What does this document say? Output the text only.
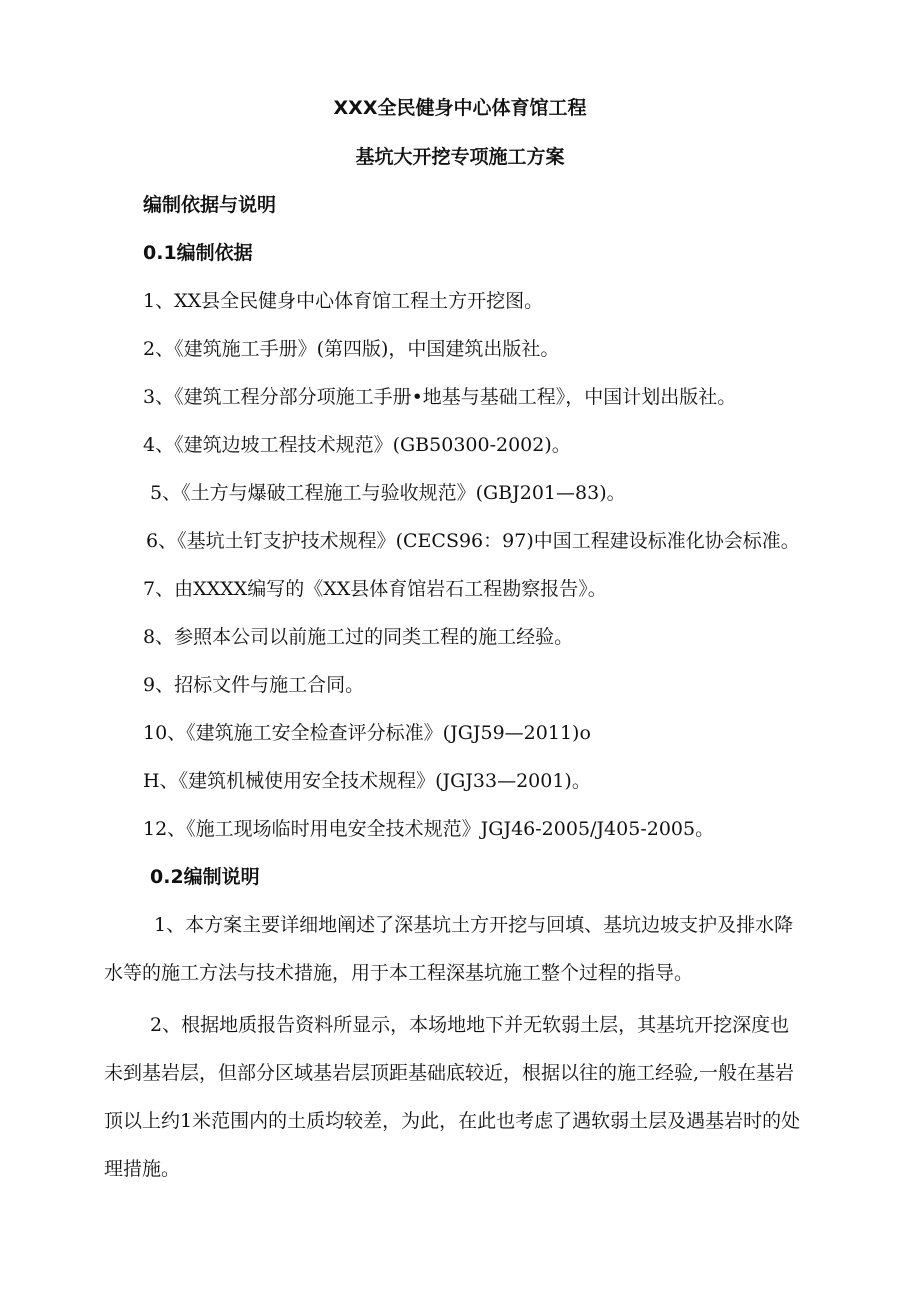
XXX全民健身中心体育馆工程
基坑大开挖专项施工方案
编制依据与说明
0.1编制依据
1、XX县全民健身中心体育馆工程土方开挖图。
2、《建筑施工手册》(第四版)，中国建筑出版社。
3、《建筑工程分部分项施工手册•地基与基础工程》，中国计划出版社。
4、《建筑边坡工程技术规范》(GB50300-2002)。
5、《土方与爆破工程施工与验收规范》(GBJ201—83)。
6、《基坑土钉支护技术规程》(CECS96：97)中国工程建设标准化协会标准。
7、由XXXX编写的《XX县体育馆岩石工程勘察报告》。
8、参照本公司以前施工过的同类工程的施工经验。
9、招标文件与施工合同。
10、《建筑施工安全检查评分标准》(JGJ59—2011)o
H、《建筑机械使用安全技术规程》(JGJ33—2001)。
12、《施工现场临时用电安全技术规范》JGJ46-2005/J405-2005。
0.2编制说明
1、本方案主要详细地阐述了深基坑土方开挖与回填、基坑边坡支护及排水降
水等的施工方法与技术措施，用于本工程深基坑施工整个过程的指导。
2、根据地质报告资料所显示，本场地地下并无软弱土层，其基坑开挖深度也
未到基岩层，但部分区域基岩层顶距基础底较近，根据以往的施工经验,一般在基岩
顶以上约1米范围内的土质均较差，为此，在此也考虑了遇软弱土层及遇基岩时的处
理措施。
